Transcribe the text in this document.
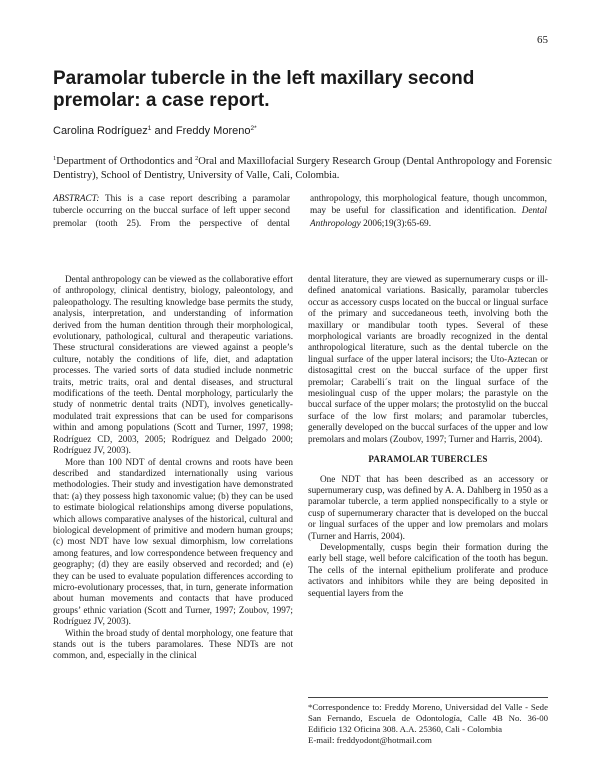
65
Paramolar tubercle in the left maxillary second premolar: a case report.
Carolina Rodríguez$^1$ and Freddy Moreno$^{2*}$

$^1$Department of Orthodontics and $^2$Oral and Maxillofacial Surgery Research Group (Dental Anthropology and Forensic Dentistry), School of Dentistry, University of Valle, Cali, Colombia.

ABSTRACT: This is a case report describing a paramolar tubercle occurring on the buccal surface of left upper second premolar (tooth 25). From the perspective of dental anthropology, this morphological feature, though uncommon, may be useful for classification and identification. Dental Anthropology 2006;19(3):65-69.

Dental anthropology can be viewed as the collaborative effort of anthropology, clinical dentistry, biology, paleontology, and paleopathology. The resulting knowledge base permits the study, analysis, interpretation, and understanding of information derived from the human dentition through their morphological, evolutionary, pathological, cultural and therapeutic variations. These structural considerations are viewed against a people’s culture, notably the conditions of life, diet, and adaptation processes. The varied sorts of data studied include nonmetric traits, metric traits, oral and dental diseases, and structural modifications of the teeth. Dental morphology, particularly the study of nonmetric dental traits (NDT), involves genetically-modulated trait expressions that can be used for comparisons within and among populations (Scott and Turner, 1997, 1998; Rodríguez CD, 2003, 2005; Rodríguez and Delgado 2000; Rodríguez JV, 2003).

More than 100 NDT of dental crowns and roots have been described and standardized internationally using various methodologies. Their study and investigation have demonstrated that: (a) they possess high taxonomic value; (b) they can be used to estimate biological relationships among diverse populations, which allows comparative analyses of the historical, cultural and biological development of primitive and modern human groups; (c) most NDT have low sexual dimorphism, low correlations among features, and low correspondence between frequency and geography; (d) they are easily observed and recorded; and (e) they can be used to evaluate population differences according to micro-evolutionary processes, that, in turn, generate information about human movements and contacts that have produced groups’ ethnic variation (Scott and Turner, 1997; Zoubov, 1997; Rodríguez JV, 2003).

Within the broad study of dental morphology, one feature that stands out is the tubers paramolares. These NDTs are not common, and, especially in the clinical

dental literature, they are viewed as supernumerary cusps or ill-defined anatomical variations. Basically, paramolar tubercles occur as accessory cusps located on the buccal or lingual surface of the primary and succedaneous teeth, involving both the maxillary or mandibular tooth types. Several of these morphological variants are broadly recognized in the dental anthropological literature, such as the dental tubercle on the lingual surface of the upper lateral incisors; the Uto-Aztecan or distosagittal crest on the buccal surface of the upper first premolar; Carabelli´s trait on the lingual surface of the mesiolingual cusp of the upper molars; the parastyle on the buccal surface of the upper molars; the protostylid on the buccal surface of the low first molars; and paramolar tubercles, generally developed on the buccal surfaces of the upper and low premolars and molars (Zoubov, 1997; Turner and Harris, 2004).

PARAMOLAR TUBERCLES

One NDT that has been described as an accessory or supernumerary cusp, was defined by A. A. Dahlberg in 1950 as a paramolar tubercle, a term applied nonspecifically to a style or cusp of supernumerary character that is developed on the buccal or lingual surfaces of the upper and low premolars and molars (Turner and Harris, 2004).

Developmentally, cusps begin their formation during the early bell stage, well before calcification of the tooth has begun. The cells of the internal epithelium proliferate and produce activators and inhibitors while they are being deposited in sequential layers from the

*Correspondence to: Freddy Moreno, Universidad del Valle - Sede San Fernando, Escuela de Odontología, Calle 4B No. 36-00 Edificio 132 Oficina 308. A.A. 25360, Cali - Colombia
E-mail: freddyodont@hotmail.com
